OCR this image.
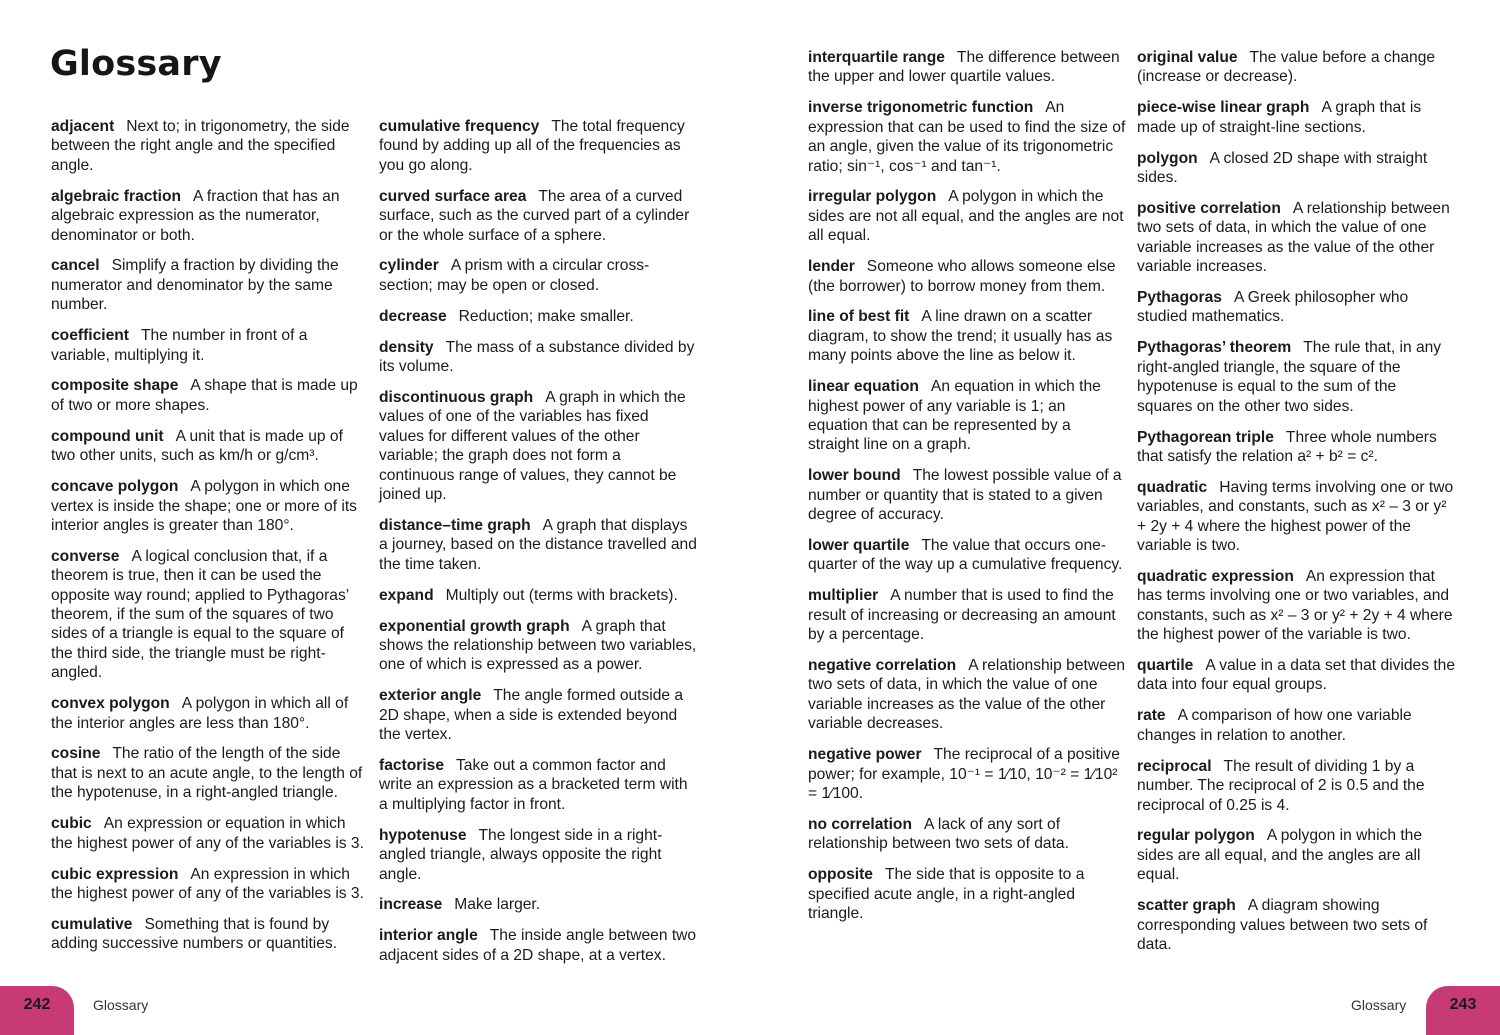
Glossary

adjacent Next to; in trigonometry, the side between the right angle and the specified angle.

algebraic fraction A fraction that has an algebraic expression as the numerator, denominator or both.

cancel Simplify a fraction by dividing the numerator and denominator by the same number.

coefficient The number in front of a variable, multiplying it.

composite shape A shape that is made up of two or more shapes.

compound unit A unit that is made up of two other units, such as km/h or g/cm³.

concave polygon A polygon in which one vertex is inside the shape; one or more of its interior angles is greater than 180°.

converse A logical conclusion that, if a theorem is true, then it can be used the opposite way round; applied to Pythagoras’ theorem, if the sum of the squares of two sides of a triangle is equal to the square of the third side, the triangle must be right-angled.

convex polygon A polygon in which all of the interior angles are less than 180°.

cosine The ratio of the length of the side that is next to an acute angle, to the length of the hypotenuse, in a right-angled triangle.

cubic An expression or equation in which the highest power of any of the variables is 3.

cubic expression An expression in which the highest power of any of the variables is 3.

cumulative Something that is found by adding successive numbers or quantities.

cumulative frequency The total frequency found by adding up all of the frequencies as you go along.

curved surface area The area of a curved surface, such as the curved part of a cylinder or the whole surface of a sphere.

cylinder A prism with a circular cross-section; may be open or closed.

decrease Reduction; make smaller.

density The mass of a substance divided by its volume.

discontinuous graph A graph in which the values of one of the variables has fixed values for different values of the other variable; the graph does not form a continuous range of values, they cannot be joined up.

distance–time graph A graph that displays a journey, based on the distance travelled and the time taken.

expand Multiply out (terms with brackets).

exponential growth graph A graph that shows the relationship between two variables, one of which is expressed as a power.

exterior angle The angle formed outside a 2D shape, when a side is extended beyond the vertex.

factorise Take out a common factor and write an expression as a bracketed term with a multiplying factor in front.

hypotenuse The longest side in a right-angled triangle, always opposite the right angle.

increase Make larger.

interior angle The inside angle between two adjacent sides of a 2D shape, at a vertex.

interquartile range The difference between the upper and lower quartile values.

inverse trigonometric function An expression that can be used to find the size of an angle, given the value of its trigonometric ratio; sin⁻¹, cos⁻¹ and tan⁻¹.

irregular polygon A polygon in which the sides are not all equal, and the angles are not all equal.

lender Someone who allows someone else (the borrower) to borrow money from them.

line of best fit A line drawn on a scatter diagram, to show the trend; it usually has as many points above the line as below it.

linear equation An equation in which the highest power of any variable is 1; an equation that can be represented by a straight line on a graph.

lower bound The lowest possible value of a number or quantity that is stated to a given degree of accuracy.

lower quartile The value that occurs one-quarter of the way up a cumulative frequency.

multiplier A number that is used to find the result of increasing or decreasing an amount by a percentage.

negative correlation A relationship between two sets of data, in which the value of one variable increases as the value of the other variable decreases.

negative power The reciprocal of a positive power; for example, 10⁻¹ = 1⁄10, 10⁻² = 1⁄10² = 1⁄100.

no correlation A lack of any sort of relationship between two sets of data.

opposite The side that is opposite to a specified acute angle, in a right-angled triangle.

original value The value before a change (increase or decrease).

piece-wise linear graph A graph that is made up of straight-line sections.

polygon A closed 2D shape with straight sides.

positive correlation A relationship between two sets of data, in which the value of one variable increases as the value of the other variable increases.

Pythagoras A Greek philosopher who studied mathematics.

Pythagoras’ theorem The rule that, in any right-angled triangle, the square of the hypotenuse is equal to the sum of the squares on the other two sides.

Pythagorean triple Three whole numbers that satisfy the relation a² + b² = c².

quadratic Having terms involving one or two variables, and constants, such as x² – 3 or y² + 2y + 4 where the highest power of the variable is two.

quadratic expression An expression that has terms involving one or two variables, and constants, such as x² – 3 or y² + 2y + 4 where the highest power of the variable is two.

quartile A value in a data set that divides the data into four equal groups.

rate A comparison of how one variable changes in relation to another.

reciprocal The result of dividing 1 by a number. The reciprocal of 2 is 0.5 and the reciprocal of 0.25 is 4.

regular polygon A polygon in which the sides are all equal, and the angles are all equal.

scatter graph A diagram showing corresponding values between two sets of data.

242	Glossary	Glossary	243
